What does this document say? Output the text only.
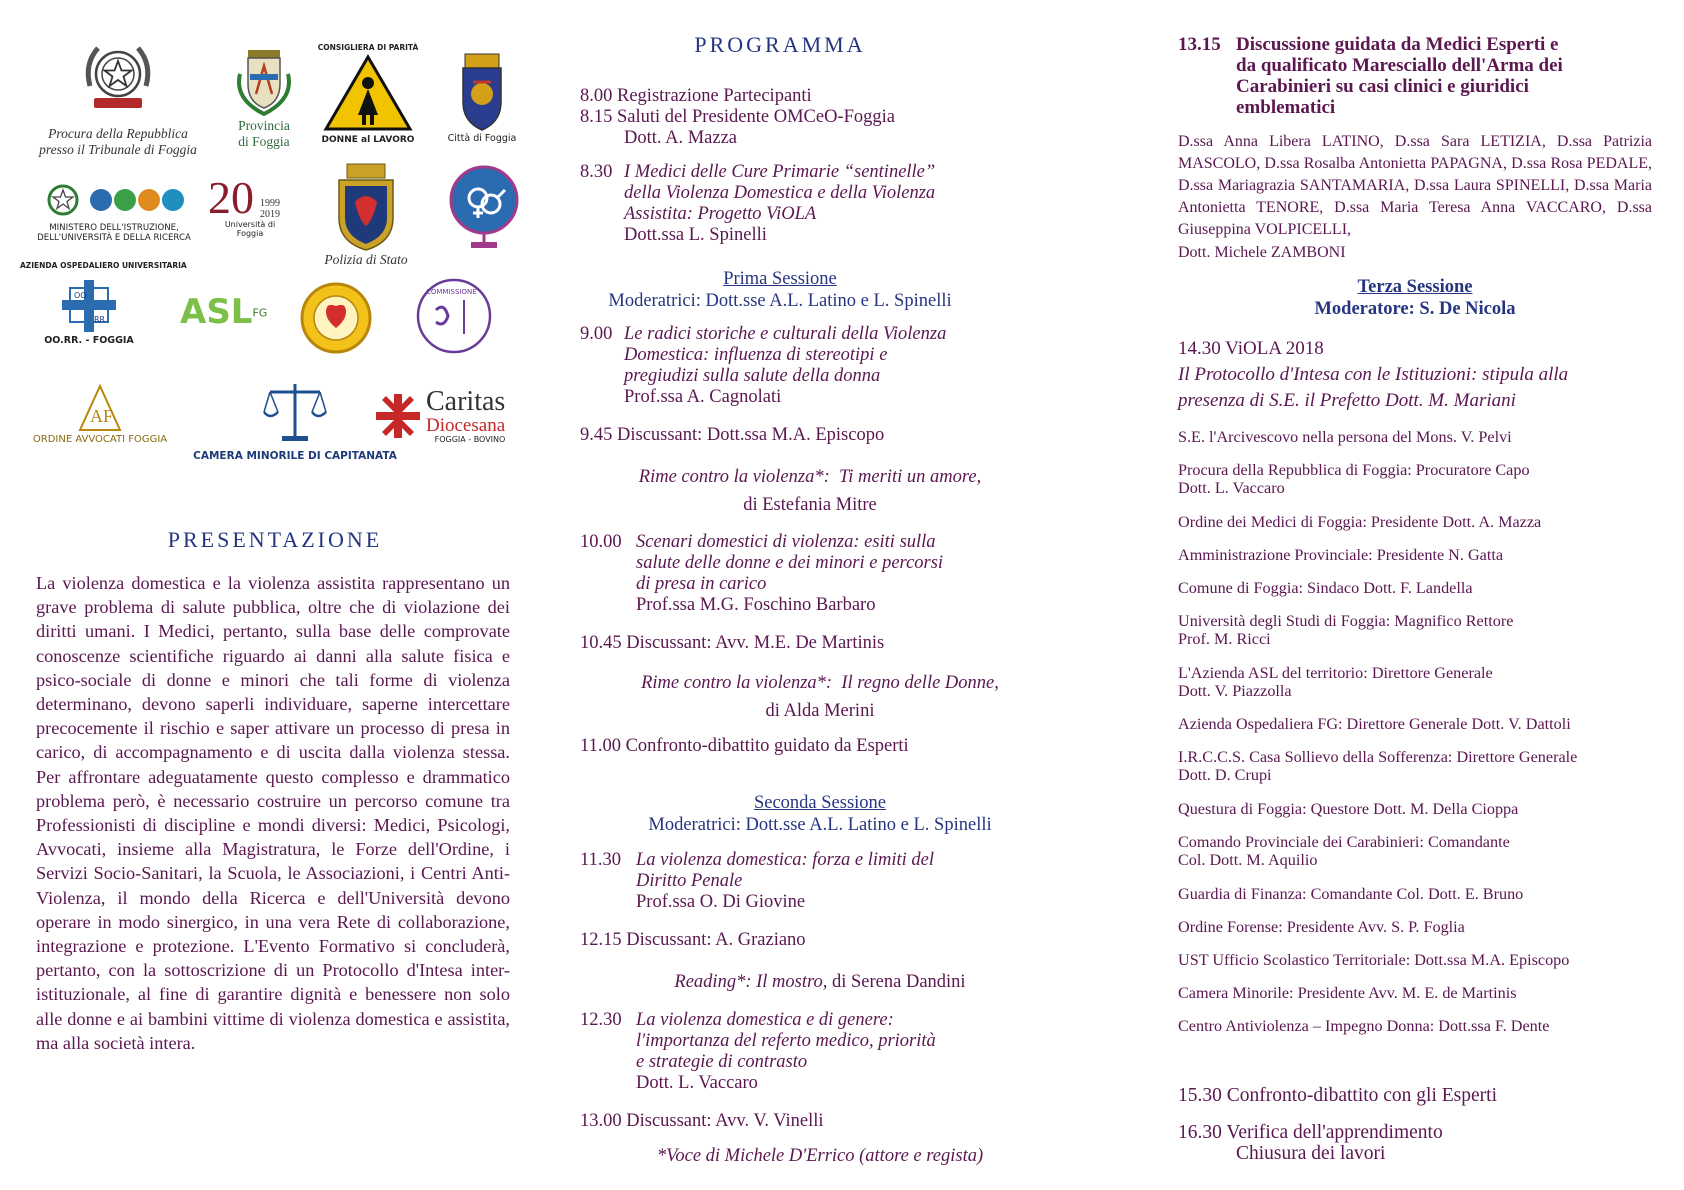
Procura della Repubblica
presso il Tribunale di Foggia
Provincia
di Foggia
CONSIGLIERA DI PARITÀ
DONNE al LAVORO	Città di Foggia
MINISTERO DELL'ISTRUZIONE,
DELL'UNIVERSITÀ E DELLA RICERCA
20 1999 2019
Università di Foggia
Polizia di Stato
AZIENDA OSPEDALIERO UNIVERSITARIA
OO
RR
OO.RR. - FOGGIA
$ASL^{FG}$
COMMISSIONE
AF
ORDINE AVVOCATI FOGGIA
CAMERA MINORILE DI CAPITANATA
Caritas
Diocesana
FOGGIA - BOVINO
PRESENTAZIONE
La violenza domestica e la violenza assistita rappresentano un grave problema di salute pubblica, oltre che di violazione dei diritti umani. I Medici, pertanto, sulla base delle comprovate conoscenze scientifiche riguardo ai danni alla salute fisica e psico-sociale di donne e minori che tali forme di violenza determinano, devono saperli individuare, saperne intercettare precocemente il rischio e saper attivare un processo di presa in carico, di accompagnamento e di uscita dalla violenza stessa. Per affrontare adeguatamente questo complesso e drammatico problema però, è necessario costruire un percorso comune tra Professionisti di discipline e mondi diversi: Medici, Psicologi, Avvocati, insieme alla Magistratura, le Forze dell'Ordine, i Servizi Socio-Sanitari, la Scuola, le Associazioni, i Centri Anti-Violenza, il mondo della Ricerca e dell'Università devono operare in modo sinergico, in una vera Rete di collaborazione, integrazione e protezione. L'Evento Formativo si concluderà, pertanto, con la sottoscrizione di un Protocollo d'Intesa inter-istituzionale, al fine di garantire dignità e benessere non solo alle donne e ai bambini vittime di violenza domestica e assistita, ma alla società intera.
PROGRAMMA
8.00 Registrazione Partecipanti
8.15 Saluti del Presidente OMCeO-Foggia
Dott. A. Mazza
8.30 I Medici delle Cure Primarie “sentinelle”
della Violenza Domestica e della Violenza
Assistita: Progetto ViOLA
Dott.ssa L. Spinelli
Prima Sessione
Moderatrici: Dott.sse A.L. Latino e L. Spinelli
9.00 Le radici storiche e culturali della Violenza
Domestica: influenza di stereotipi e
pregiudizi sulla salute della donna
Prof.ssa A. Cagnolati
9.45 Discussant: Dott.ssa M.A. Episcopo
Rime contro la violenza*: Ti meriti un amore,
di Estefania Mitre
10.00 Scenari domestici di violenza: esiti sulla
salute delle donne e dei minori e percorsi
di presa in carico
Prof.ssa M.G. Foschino Barbaro
10.45 Discussant: Avv. M.E. De Martinis
Rime contro la violenza*: Il regno delle Donne,
di Alda Merini
11.00 Confronto-dibattito guidato da Esperti
Seconda Sessione
Moderatrici: Dott.sse A.L. Latino e L. Spinelli
11.30 La violenza domestica: forza e limiti del
Diritto Penale
Prof.ssa O. Di Giovine
12.15 Discussant: A. Graziano
Reading*: Il mostro, di Serena Dandini
12.30 La violenza domestica e di genere:
l'importanza del referto medico, priorità
e strategie di contrasto
Dott. L. Vaccaro
13.00 Discussant: Avv. V. Vinelli
*Voce di Michele D'Errico (attore e regista)
13.15 Discussione guidata da Medici Esperti e
da qualificato Maresciallo dell'Arma dei
Carabinieri su casi clinici e giuridici
emblematici
D.ssa Anna Libera LATINO, D.ssa Sara LETIZIA, D.ssa Patrizia MASCOLO, D.ssa Rosalba Antonietta PAPAGNA, D.ssa Rosa PEDALE, D.ssa Mariagrazia SANTAMARIA, D.ssa Laura SPINELLI, D.ssa Maria Antonietta TENORE, D.ssa Maria Teresa Anna VACCARO, D.ssa Giuseppina VOLPICELLI,
Dott. Michele ZAMBONI
Terza Sessione
Moderatore: S. De Nicola
14.30 ViOLA 2018
Il Protocollo d'Intesa con le Istituzioni: stipula alla
presenza di S.E. il Prefetto Dott. M. Mariani
S.E. l'Arcivescovo nella persona del Mons. V. Pelvi
Procura della Repubblica di Foggia: Procuratore Capo
Dott. L. Vaccaro
Ordine dei Medici di Foggia: Presidente Dott. A. Mazza
Amministrazione Provinciale: Presidente N. Gatta
Comune di Foggia: Sindaco Dott. F. Landella
Università degli Studi di Foggia: Magnifico Rettore
Prof. M. Ricci
L'Azienda ASL del territorio: Direttore Generale
Dott. V. Piazzolla
Azienda Ospedaliera FG: Direttore Generale Dott. V. Dattoli
I.R.C.C.S. Casa Sollievo della Sofferenza: Direttore Generale
Dott. D. Crupi
Questura di Foggia: Questore Dott. M. Della Cioppa
Comando Provinciale dei Carabinieri: Comandante
Col. Dott. M. Aquilio
Guardia di Finanza: Comandante Col. Dott. E. Bruno
Ordine Forense: Presidente Avv. S. P. Foglia
UST Ufficio Scolastico Territoriale: Dott.ssa M.A. Episcopo
Camera Minorile: Presidente Avv. M. E. de Martinis
Centro Antiviolenza – Impegno Donna: Dott.ssa F. Dente
15.30 Confronto-dibattito con gli Esperti
16.30 Verifica dell'apprendimento
Chiusura dei lavori
